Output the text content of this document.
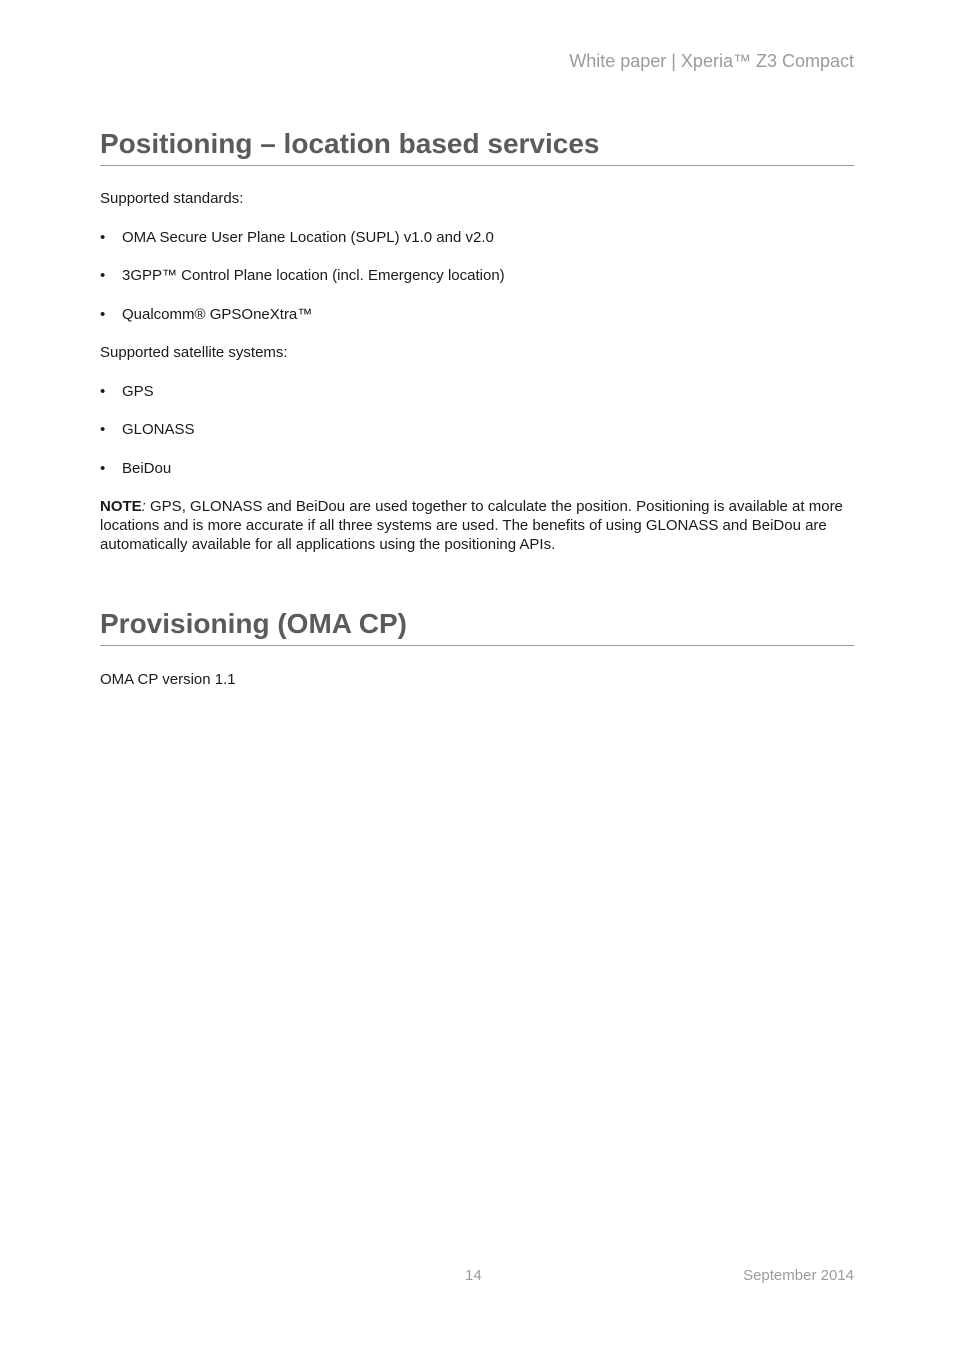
White paper | Xperia™ Z3 Compact
Positioning – location based services

Supported standards:

• OMA Secure User Plane Location (SUPL) v1.0 and v2.0
• 3GPP™ Control Plane location (incl. Emergency location)
• Qualcomm® GPSOneXtra™

Supported satellite systems:

• GPS
• GLONASS
• BeiDou

NOTE: GPS, GLONASS and BeiDou are used together to calculate the position. Positioning is available at more locations and is more accurate if all three systems are used. The benefits of using GLONASS and BeiDou are automatically available for all applications using the positioning APIs.

Provisioning (OMA CP)

OMA CP version 1.1

14	September 2014
